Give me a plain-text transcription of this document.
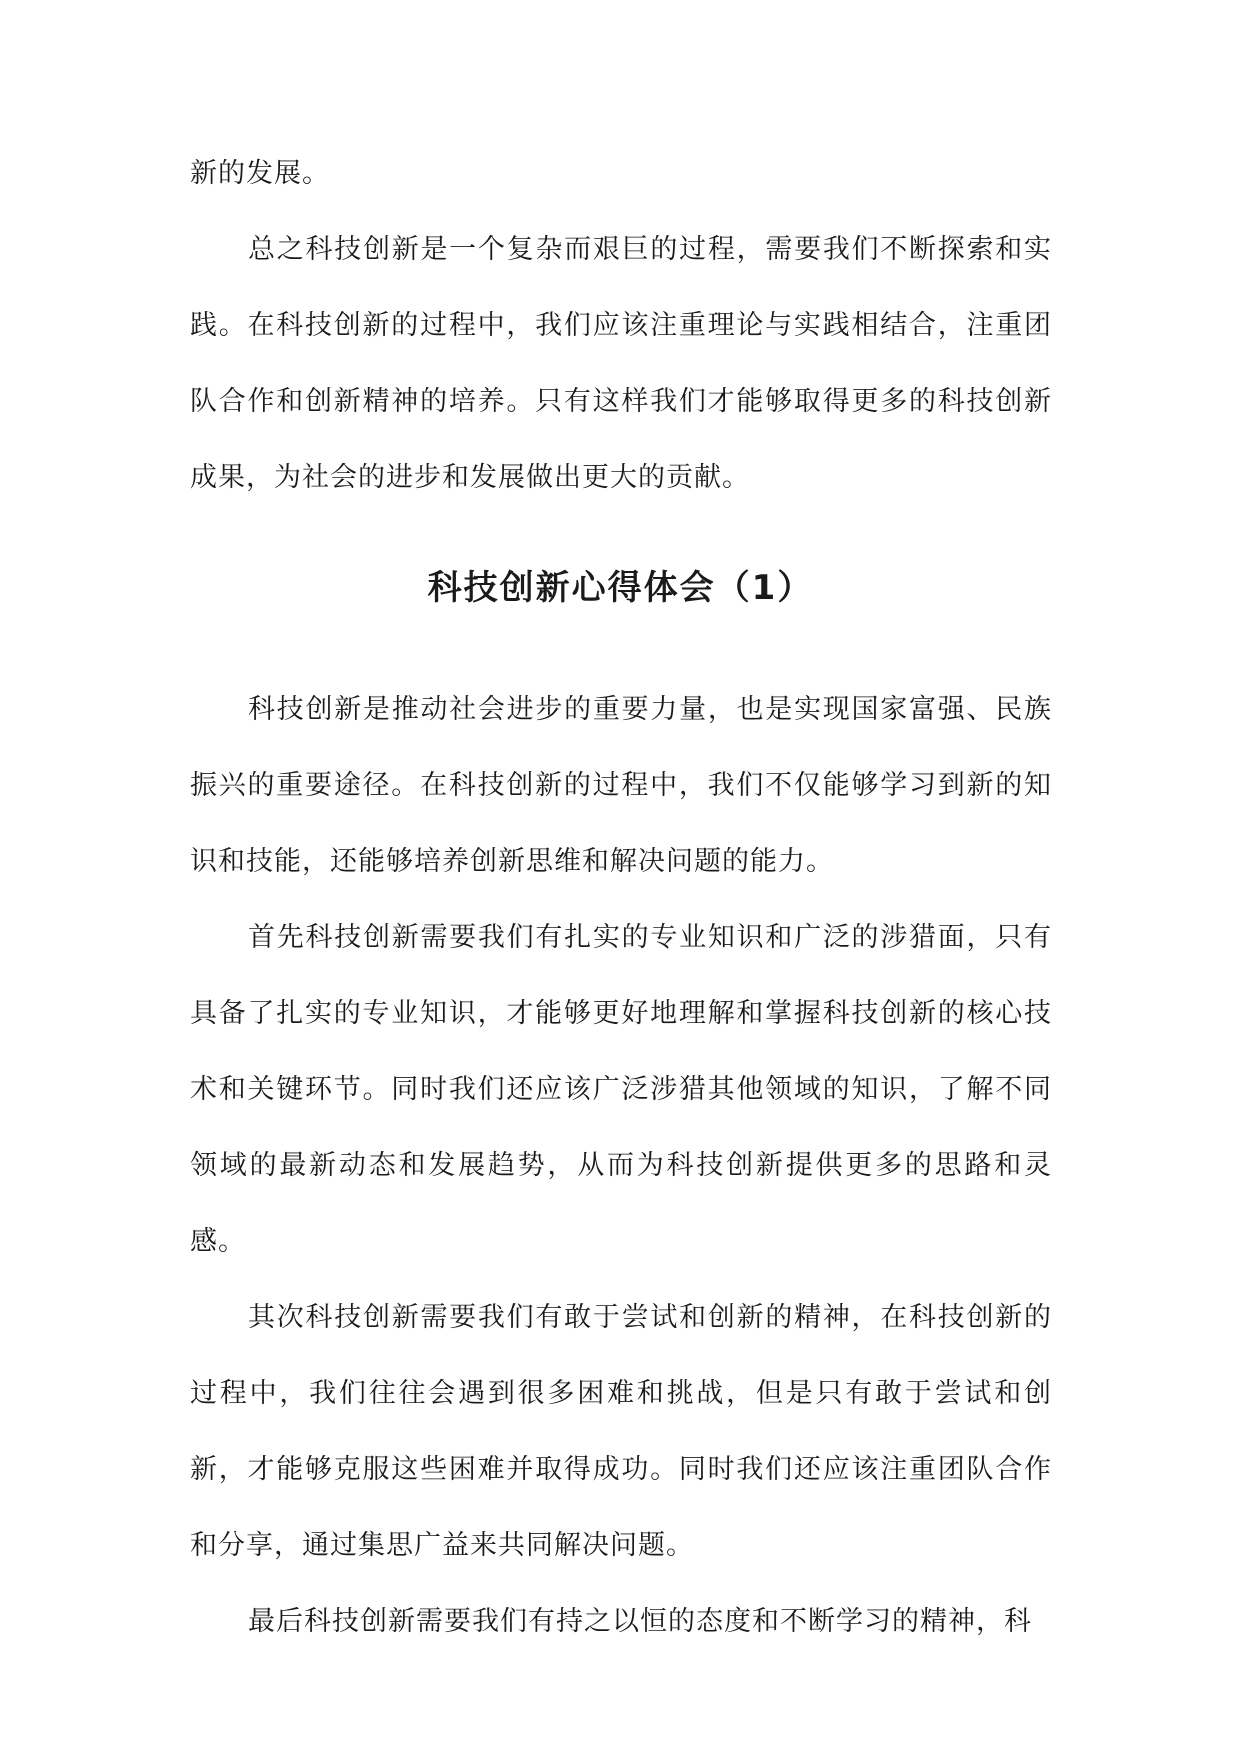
新的发展。

总之科技创新是一个复杂而艰巨的过程，需要我们不断探索和实践。在科技创新的过程中，我们应该注重理论与实践相结合，注重团队合作和创新精神的培养。只有这样我们才能够取得更多的科技创新成果，为社会的进步和发展做出更大的贡献。

科技创新心得体会（1）

科技创新是推动社会进步的重要力量，也是实现国家富强、民族振兴的重要途径。在科技创新的过程中，我们不仅能够学习到新的知识和技能，还能够培养创新思维和解决问题的能力。

首先科技创新需要我们有扎实的专业知识和广泛的涉猎面，只有具备了扎实的专业知识，才能够更好地理解和掌握科技创新的核心技术和关键环节。同时我们还应该广泛涉猎其他领域的知识，了解不同领域的最新动态和发展趋势，从而为科技创新提供更多的思路和灵感。

其次科技创新需要我们有敢于尝试和创新的精神，在科技创新的过程中，我们往往会遇到很多困难和挑战，但是只有敢于尝试和创新，才能够克服这些困难并取得成功。同时我们还应该注重团队合作和分享，通过集思广益来共同解决问题。

最后科技创新需要我们有持之以恒的态度和不断学习的精神，科
